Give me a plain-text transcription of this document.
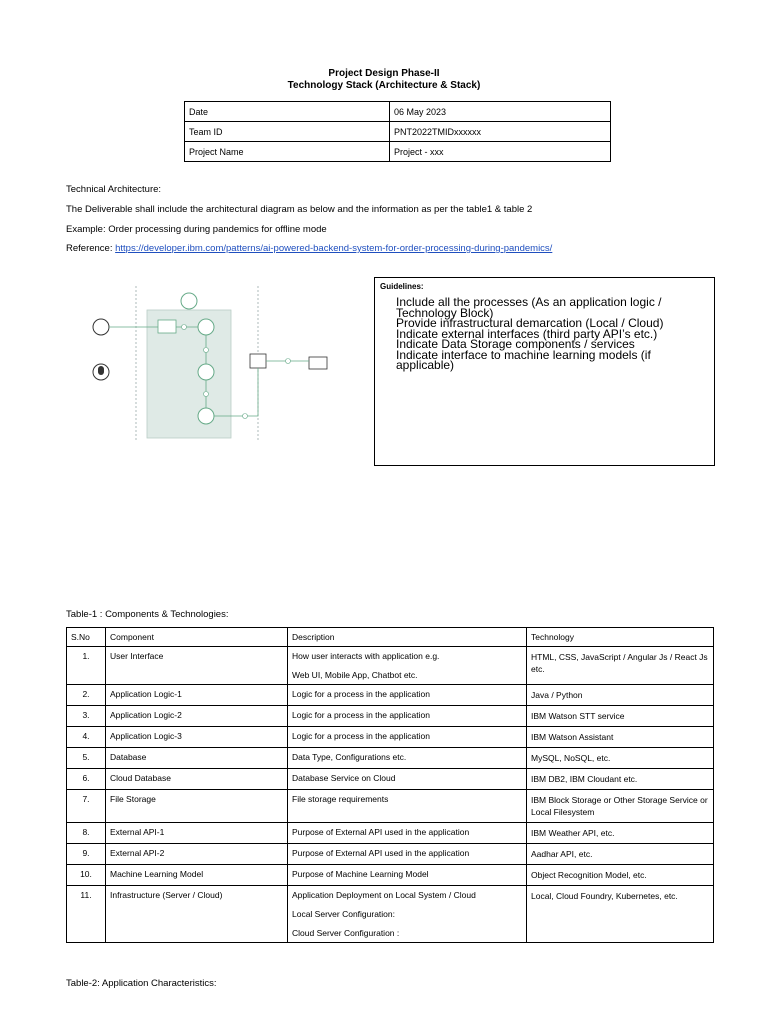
Project Design Phase-II
Technology Stack (Architecture & Stack)
Date	06 May 2023
Team ID	PNT2022TMIDxxxxxx
Project Name	Project - xxx
Technical Architecture:
The Deliverable shall include the architectural diagram as below and the information as per the table1 & table 2
Example: Order processing during pandemics for offline mode
Reference: https://developer.ibm.com/patterns/ai-powered-backend-system-for-order-processing-during-pandemics/
Guidelines:
Include all the processes (As an application logic / Technology Block)
Provide infrastructural demarcation (Local / Cloud)
Indicate external interfaces (third party API’s etc.)
Indicate Data Storage components / services
Indicate interface to machine learning models (if applicable)
Table-1 : Components & Technologies:
S.No	Component	Description	Technology
1.	User Interface	How user interacts with application e.g.
Web UI, Mobile App, Chatbot etc.	HTML, CSS, JavaScript / Angular Js / React Js etc.
2.	Application Logic-1	Logic for a process in the application	Java / Python
3.	Application Logic-2	Logic for a process in the application	IBM Watson STT service
4.	Application Logic-3	Logic for a process in the application	IBM Watson Assistant
5.	Database	Data Type, Configurations etc.	MySQL, NoSQL, etc.
6.	Cloud Database	Database Service on Cloud	IBM DB2, IBM Cloudant etc.
7.	File Storage	File storage requirements	IBM Block Storage or Other Storage Service or Local Filesystem
8.	External API-1	Purpose of External API used in the application	IBM Weather API, etc.
9.	External API-2	Purpose of External API used in the application	Aadhar API, etc.
10.	Machine Learning Model	Purpose of Machine Learning Model	Object Recognition Model, etc.
11.	Infrastructure (Server / Cloud)	Application Deployment on Local System / Cloud
Local Server Configuration:
Cloud Server Configuration :	Local, Cloud Foundry, Kubernetes, etc.
Table-2: Application Characteristics:
